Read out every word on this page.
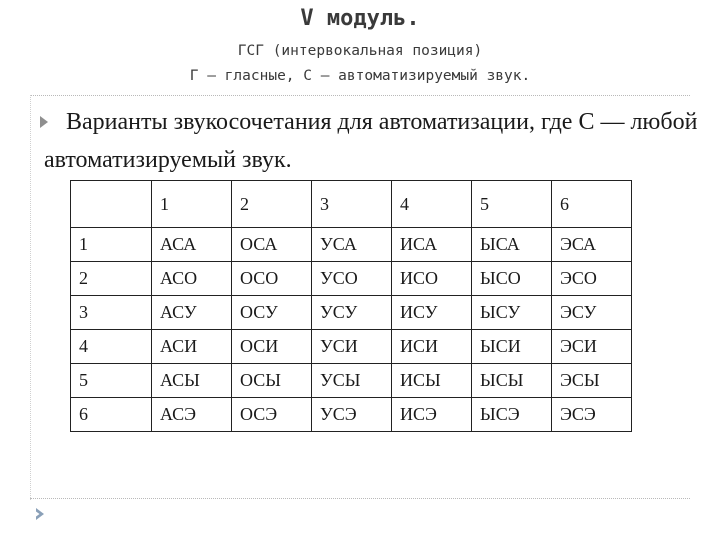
V модуль.
ГСГ (интервокальная позиция)
Г — гласные, С — автоматизируемый звук.
Варианты звукосочетания для автоматизации, где С — любой автоматизируемый звук.
	1	2	3	4	5	6
1	АСА	ОСА	УСА	ИСА	ЫСА	ЭСА
2	АСО	ОСО	УСО	ИСО	ЫСО	ЭСО
3	АСУ	ОСУ	УСУ	ИСУ	ЫСУ	ЭСУ
4	АСИ	ОСИ	УСИ	ИСИ	ЫСИ	ЭСИ
5	АСЫ	ОСЫ	УСЫ	ИСЫ	ЫСЫ	ЭСЫ
6	АСЭ	ОСЭ	УСЭ	ИСЭ	ЫСЭ	ЭСЭ
